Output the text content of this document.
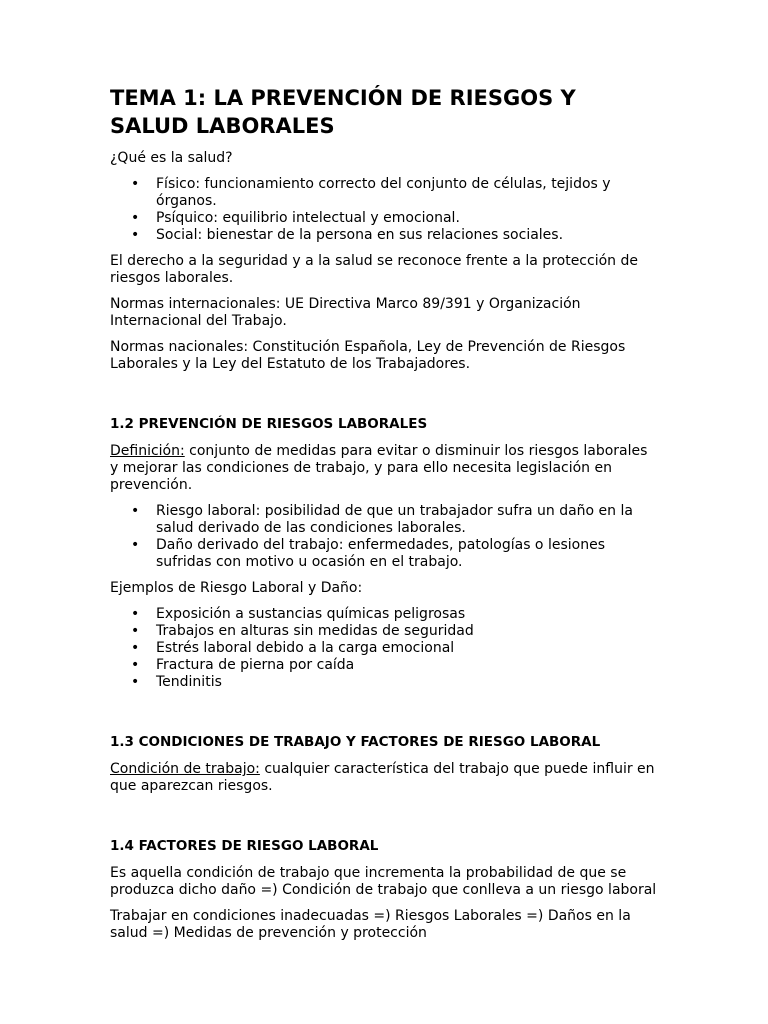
TEMA 1: LA PREVENCIÓN DE RIESGOS Y SALUD LABORALES

¿Qué es la salud?

• Físico: funcionamiento correcto del conjunto de células, tejidos y órganos.
• Psíquico: equilibrio intelectual y emocional.
• Social: bienestar de la persona en sus relaciones sociales.

El derecho a la seguridad y a la salud se reconoce frente a la protección de riesgos laborales.

Normas internacionales: UE Directiva Marco 89/391 y Organización Internacional del Trabajo.

Normas nacionales: Constitución Española, Ley de Prevención de Riesgos Laborales y la Ley del Estatuto de los Trabajadores.

1.2 PREVENCIÓN DE RIESGOS LABORALES

Definición: conjunto de medidas para evitar o disminuir los riesgos laborales y mejorar las condiciones de trabajo, y para ello necesita legislación en prevención.

• Riesgo laboral: posibilidad de que un trabajador sufra un daño en la salud derivado de las condiciones laborales.
• Daño derivado del trabajo: enfermedades, patologías o lesiones sufridas con motivo u ocasión en el trabajo.

Ejemplos de Riesgo Laboral y Daño:

• Exposición a sustancias químicas peligrosas
• Trabajos en alturas sin medidas de seguridad
• Estrés laboral debido a la carga emocional
• Fractura de pierna por caída
• Tendinitis
1.3 CONDICIONES DE TRABAJO Y FACTORES DE RIESGO LABORAL

Condición de trabajo: cualquier característica del trabajo que puede influir en que aparezcan riesgos.

1.4 FACTORES DE RIESGO LABORAL

Es aquella condición de trabajo que incrementa la probabilidad de que se produzca dicho daño =) Condición de trabajo que conlleva a un riesgo laboral

Trabajar en condiciones inadecuadas =) Riesgos Laborales =) Daños en la salud =) Medidas de prevención y protección
